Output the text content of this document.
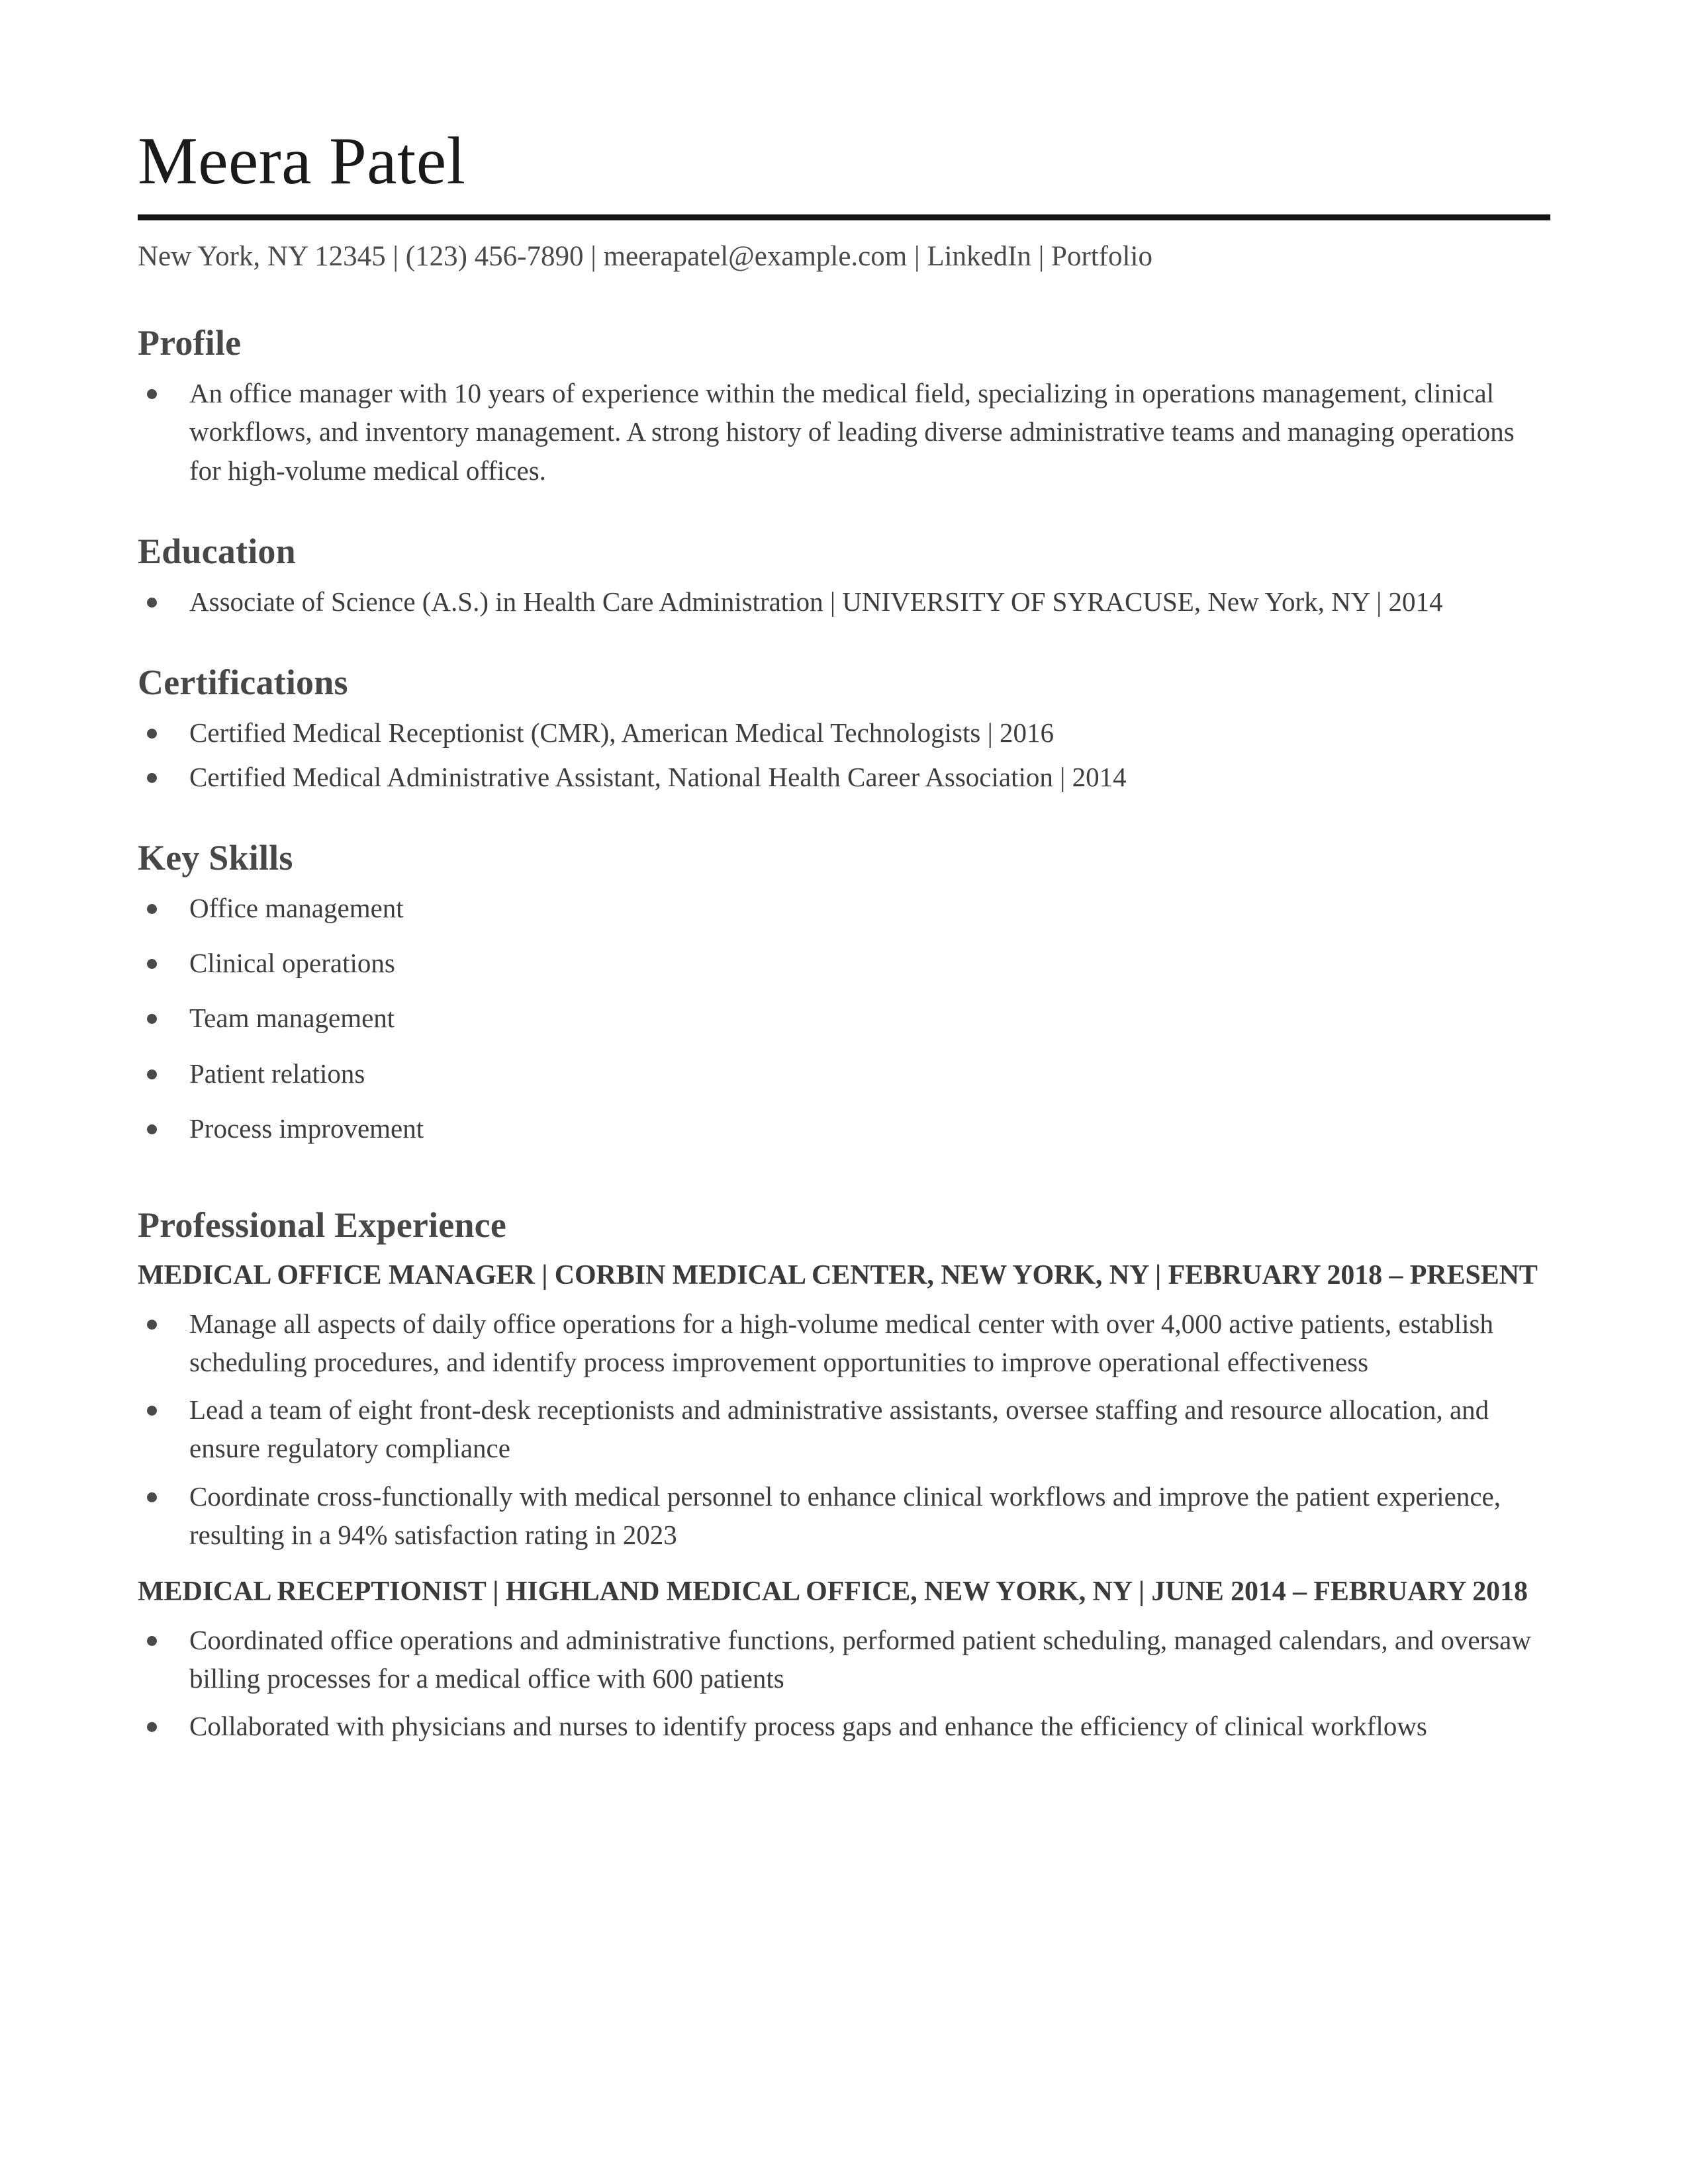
Meera Patel
New York, NY 12345 | (123) 456-7890 | meerapatel@example.com | LinkedIn | Portfolio
Profile
An office manager with 10 years of experience within the medical field, specializing in operations management, clinical workflows, and inventory management. A strong history of leading diverse administrative teams and managing operations for high-volume medical offices.
Education
Associate of Science (A.S.) in Health Care Administration | UNIVERSITY OF SYRACUSE, New York, NY | 2014
Certifications
Certified Medical Receptionist (CMR), American Medical Technologists | 2016
Certified Medical Administrative Assistant, National Health Career Association | 2014
Key Skills
Office management
Clinical operations
Team management
Patient relations
Process improvement
Professional Experience
MEDICAL OFFICE MANAGER | CORBIN MEDICAL CENTER, NEW YORK, NY | FEBRUARY 2018 – PRESENT
Manage all aspects of daily office operations for a high-volume medical center with over 4,000 active patients, establish scheduling procedures, and identify process improvement opportunities to improve operational effectiveness
Lead a team of eight front-desk receptionists and administrative assistants, oversee staffing and resource allocation, and ensure regulatory compliance
Coordinate cross-functionally with medical personnel to enhance clinical workflows and improve the patient experience, resulting in a 94% satisfaction rating in 2023
MEDICAL RECEPTIONIST | HIGHLAND MEDICAL OFFICE, NEW YORK, NY | JUNE 2014 – FEBRUARY 2018
Coordinated office operations and administrative functions, performed patient scheduling, managed calendars, and oversaw billing processes for a medical office with 600 patients
Collaborated with physicians and nurses to identify process gaps and enhance the efficiency of clinical workflows
